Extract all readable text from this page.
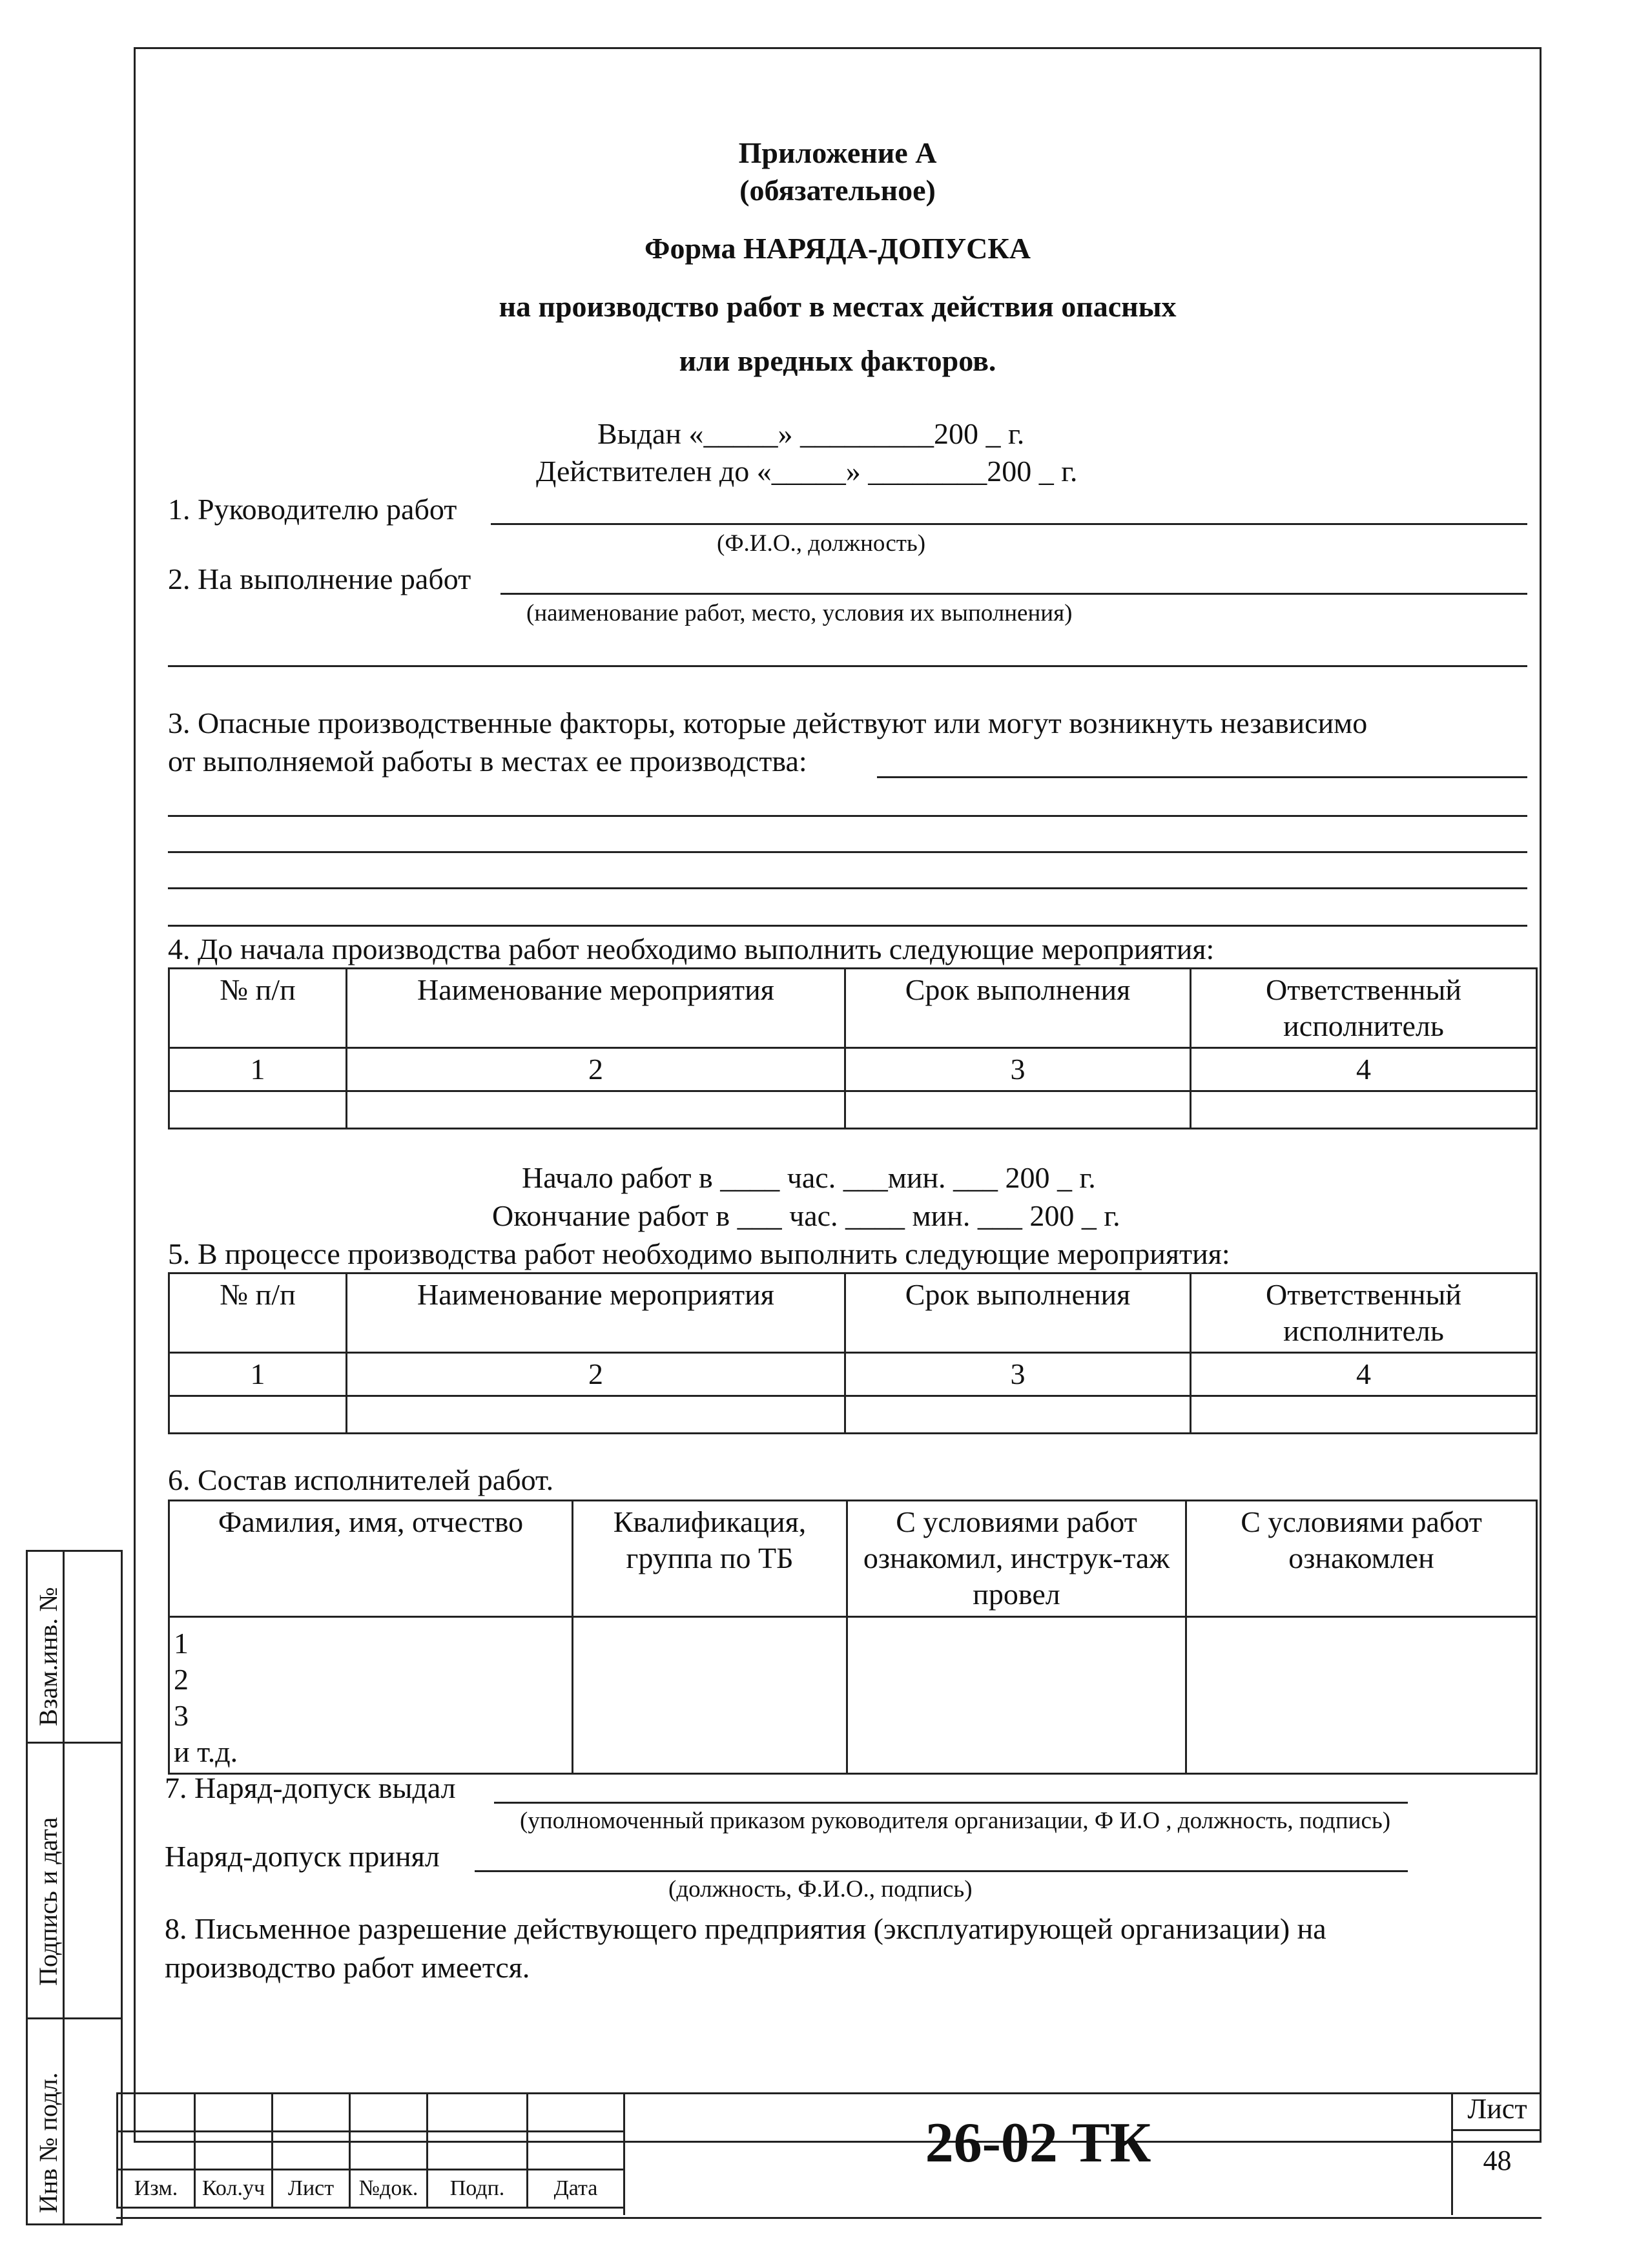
Приложение А
(обязательное)
Форма НАРЯДА-ДОПУСКА
на производство работ в местах действия опасных
или вредных факторов.
Выдан «_____» _________200 _ г.
Действителен до «_____» ________200 _ г.
1. Руководителю работ
(Ф.И.О., должность)
2. На выполнение работ
(наименование работ, место, условия их выполнения)
3. Опасные производственные факторы, которые действуют или могут возникнуть независимо
от выполняемой работы в местах ее производства:
4. До начала производства работ необходимо выполнить следующие мероприятия:
№ п/п	Наименование мероприятия	Срок выполнения	Ответственный исполнитель
1	2	3	4

Начало работ в ____ час. ___мин. ___ 200 _ г.
Окончание работ в ___ час. ____ мин. ___ 200 _ г.
5. В процессе производства работ необходимо выполнить следующие мероприятия:
№ п/п	Наименование мероприятия	Срок выполнения	Ответственный исполнитель
1	2	3	4

6. Состав исполнителей работ.
Фамилия, имя, отчество	Квалификация, группа по ТБ	С условиями работ ознакомил, инструк-таж провел	С условиями работ ознакомлен

1
2
3
и т.д.			

7. Наряд-допуск выдал
(уполномоченный приказом руководителя организации, Ф И.О , должность, подпись)
Наряд-допуск принял
(должность, Ф.И.О., подпись)
8. Письменное разрешение действующего предприятия (эксплуатирующей организации) на
производство работ имеется.
Взам.инв. №
Подпись и дата
Инв № подл.

						Изм.	Кол.уч	Лист	№док.	Подп.	Дата
26-02 ТК
Лист
48
